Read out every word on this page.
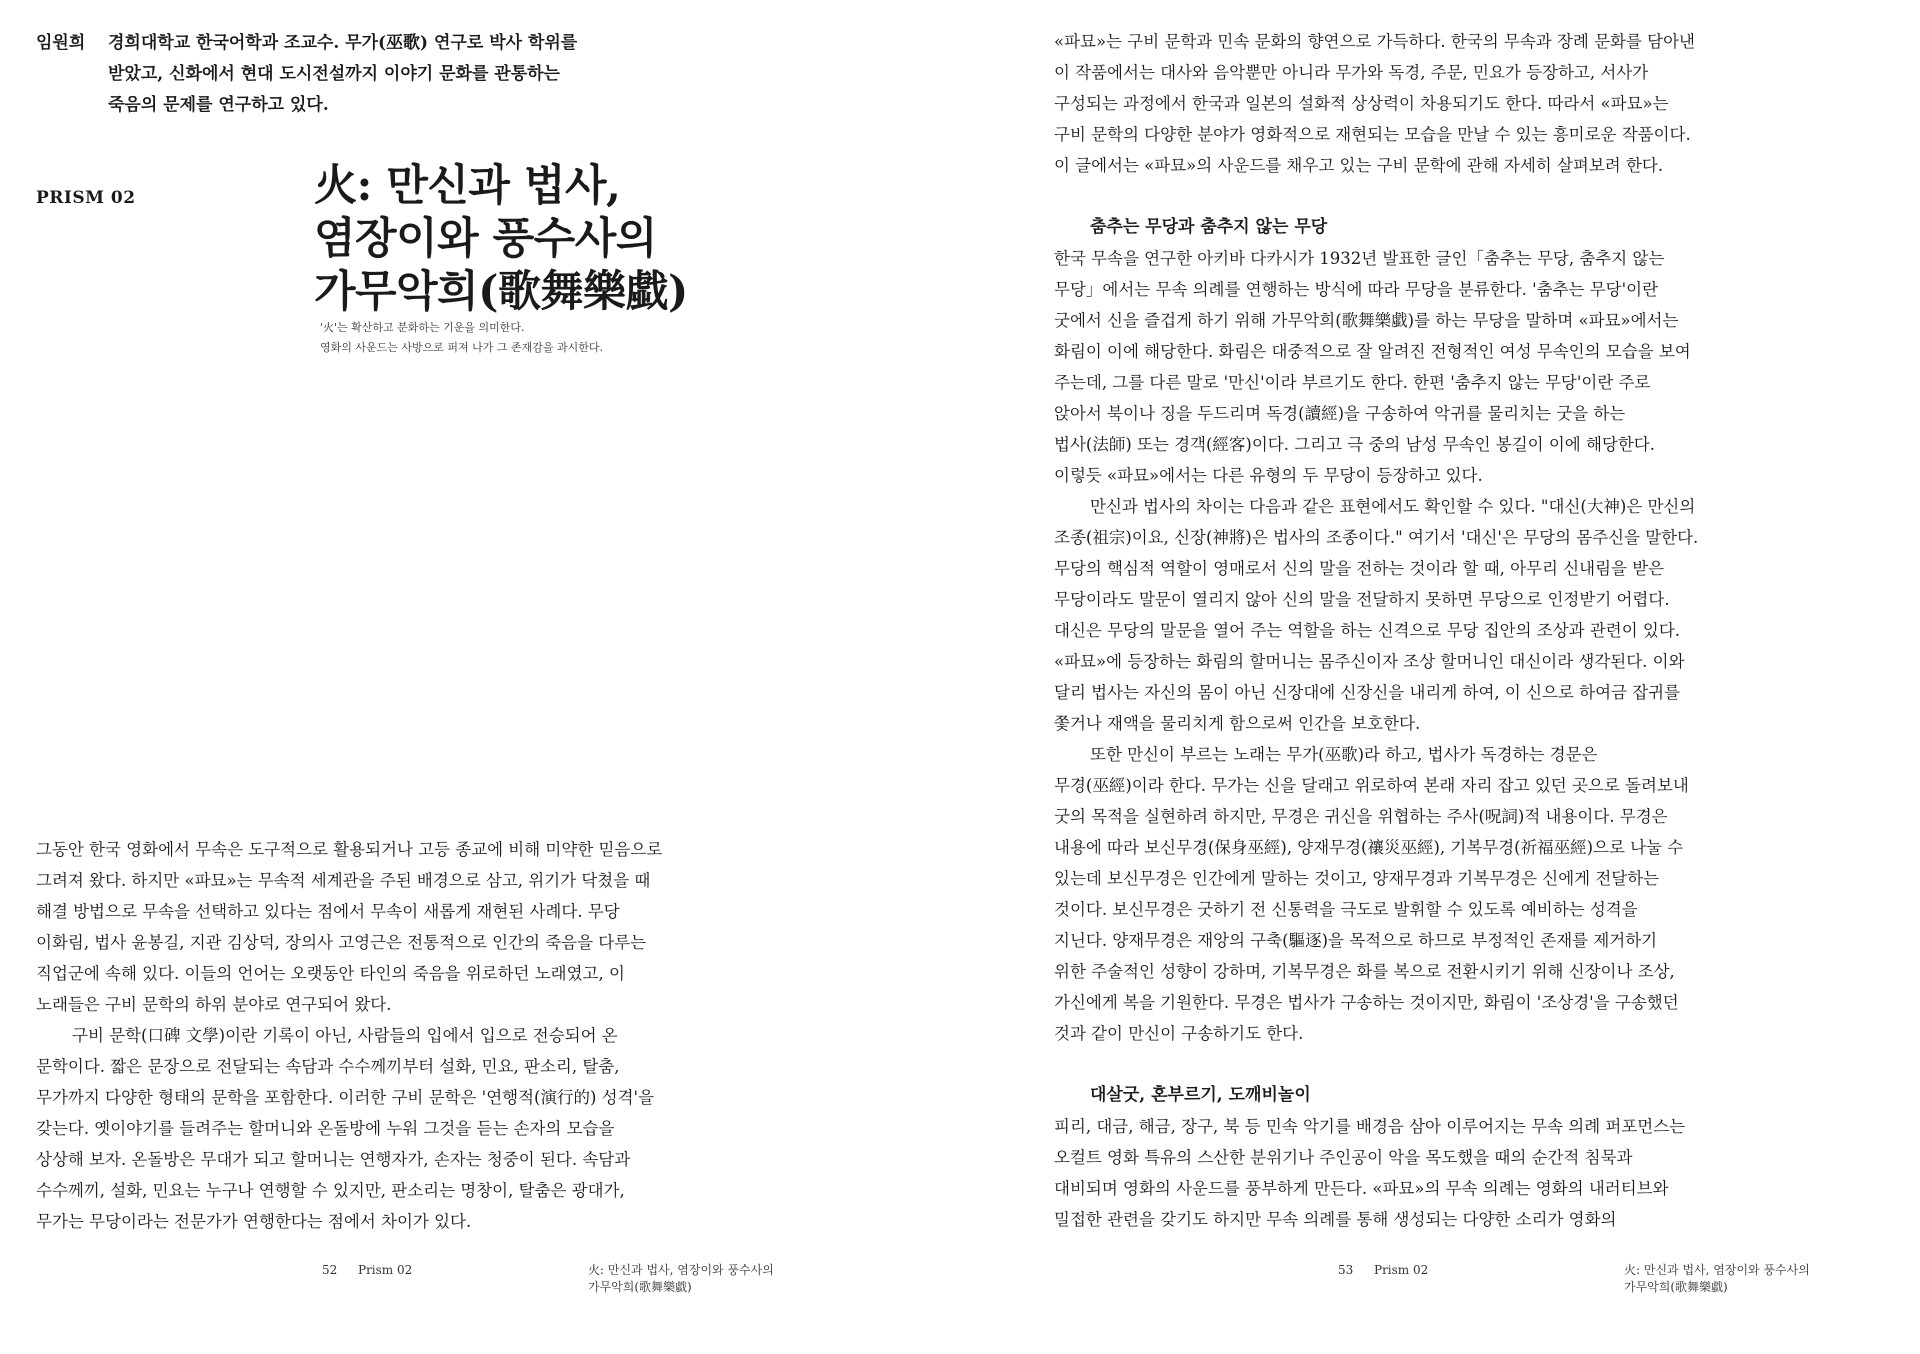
임원희 경희대학교 한국어학과 조교수. 무가(巫歌) 연구로 박사 학위를
받았고, 신화에서 현대 도시전설까지 이야기 문화를 관통하는
죽음의 문제를 연구하고 있다.
PRISM 02	火: 만신과 법사,
염장이와 풍수사의
가무악희(歌舞樂戱)
'火'는 확산하고 분화하는 기운을 의미한다.
영화의 사운드는 사방으로 퍼져 나가 그 존재감을 과시한다.

그동안 한국 영화에서 무속은 도구적으로 활용되거나 고등 종교에 비해 미약한 믿음으로
그려져 왔다. 하지만 «파묘»는 무속적 세계관을 주된 배경으로 삼고, 위기가 닥쳤을 때
해결 방법으로 무속을 선택하고 있다는 점에서 무속이 새롭게 재현된 사례다. 무당
이화림, 법사 윤봉길, 지관 김상덕, 장의사 고영근은 전통적으로 인간의 죽음을 다루는
직업군에 속해 있다. 이들의 언어는 오랫동안 타인의 죽음을 위로하던 노래였고, 이
노래들은 구비 문학의 하위 분야로 연구되어 왔다.

구비 문학(口碑 文學)이란 기록이 아닌, 사람들의 입에서 입으로 전승되어 온
문학이다. 짧은 문장으로 전달되는 속담과 수수께끼부터 설화, 민요, 판소리, 탈춤,
무가까지 다양한 형태의 문학을 포함한다. 이러한 구비 문학은 '연행적(演行的) 성격'을
갖는다. 옛이야기를 들려주는 할머니와 온돌방에 누워 그것을 듣는 손자의 모습을
상상해 보자. 온돌방은 무대가 되고 할머니는 연행자가, 손자는 청중이 된다. 속담과
수수께끼, 설화, 민요는 누구나 연행할 수 있지만, 판소리는 명창이, 탈춤은 광대가,
무가는 무당이라는 전문가가 연행한다는 점에서 차이가 있다.

52 Prism 02	火: 만신과 법사, 염장이와 풍수사의
가무악희(歌舞樂戱)

«파묘»는 구비 문학과 민속 문화의 향연으로 가득하다. 한국의 무속과 장례 문화를 담아낸
이 작품에서는 대사와 음악뿐만 아니라 무가와 독경, 주문, 민요가 등장하고, 서사가
구성되는 과정에서 한국과 일본의 설화적 상상력이 차용되기도 한다. 따라서 «파묘»는
구비 문학의 다양한 분야가 영화적으로 재현되는 모습을 만날 수 있는 흥미로운 작품이다.
이 글에서는 «파묘»의 사운드를 채우고 있는 구비 문학에 관해 자세히 살펴보려 한다.

춤추는 무당과 춤추지 않는 무당

한국 무속을 연구한 아키바 다카시가 1932년 발표한 글인「춤추는 무당, 춤추지 않는
무당」에서는 무속 의례를 연행하는 방식에 따라 무당을 분류한다. '춤추는 무당'이란
굿에서 신을 즐겁게 하기 위해 가무악희(歌舞樂戱)를 하는 무당을 말하며 «파묘»에서는
화림이 이에 해당한다. 화림은 대중적으로 잘 알려진 전형적인 여성 무속인의 모습을 보여
주는데, 그를 다른 말로 '만신'이라 부르기도 한다. 한편 '춤추지 않는 무당'이란 주로
앉아서 북이나 징을 두드리며 독경(讀經)을 구송하여 악귀를 물리치는 굿을 하는
법사(法師) 또는 경객(經客)이다. 그리고 극 중의 남성 무속인 봉길이 이에 해당한다.
이렇듯 «파묘»에서는 다른 유형의 두 무당이 등장하고 있다.

만신과 법사의 차이는 다음과 같은 표현에서도 확인할 수 있다. "대신(大神)은 만신의
조종(祖宗)이요, 신장(神將)은 법사의 조종이다." 여기서 '대신'은 무당의 몸주신을 말한다.
무당의 핵심적 역할이 영매로서 신의 말을 전하는 것이라 할 때, 아무리 신내림을 받은
무당이라도 말문이 열리지 않아 신의 말을 전달하지 못하면 무당으로 인정받기 어렵다.
대신은 무당의 말문을 열어 주는 역할을 하는 신격으로 무당 집안의 조상과 관련이 있다.
«파묘»에 등장하는 화림의 할머니는 몸주신이자 조상 할머니인 대신이라 생각된다. 이와
달리 법사는 자신의 몸이 아닌 신장대에 신장신을 내리게 하여, 이 신으로 하여금 잡귀를
쫓거나 재액을 물리치게 함으로써 인간을 보호한다.

또한 만신이 부르는 노래는 무가(巫歌)라 하고, 법사가 독경하는 경문은
무경(巫經)이라 한다. 무가는 신을 달래고 위로하여 본래 자리 잡고 있던 곳으로 돌려보내
굿의 목적을 실현하려 하지만, 무경은 귀신을 위협하는 주사(呪詞)적 내용이다. 무경은
내용에 따라 보신무경(保身巫經), 양재무경(禳災巫經), 기복무경(祈福巫經)으로 나눌 수
있는데 보신무경은 인간에게 말하는 것이고, 양재무경과 기복무경은 신에게 전달하는
것이다. 보신무경은 굿하기 전 신통력을 극도로 발휘할 수 있도록 예비하는 성격을
지닌다. 양재무경은 재앙의 구축(驅逐)을 목적으로 하므로 부정적인 존재를 제거하기
위한 주술적인 성향이 강하며, 기복무경은 화를 복으로 전환시키기 위해 신장이나 조상,
가신에게 복을 기원한다. 무경은 법사가 구송하는 것이지만, 화림이 '조상경'을 구송했던
것과 같이 만신이 구송하기도 한다.

대살굿, 혼부르기, 도깨비놀이

피리, 대금, 해금, 장구, 북 등 민속 악기를 배경음 삼아 이루어지는 무속 의례 퍼포먼스는
오컬트 영화 특유의 스산한 분위기나 주인공이 악을 목도했을 때의 순간적 침묵과
대비되며 영화의 사운드를 풍부하게 만든다. «파묘»의 무속 의례는 영화의 내러티브와
밀접한 관련을 갖기도 하지만 무속 의례를 통해 생성되는 다양한 소리가 영화의

53 Prism 02	火: 만신과 법사, 염장이와 풍수사의
가무악희(歌舞樂戱)
